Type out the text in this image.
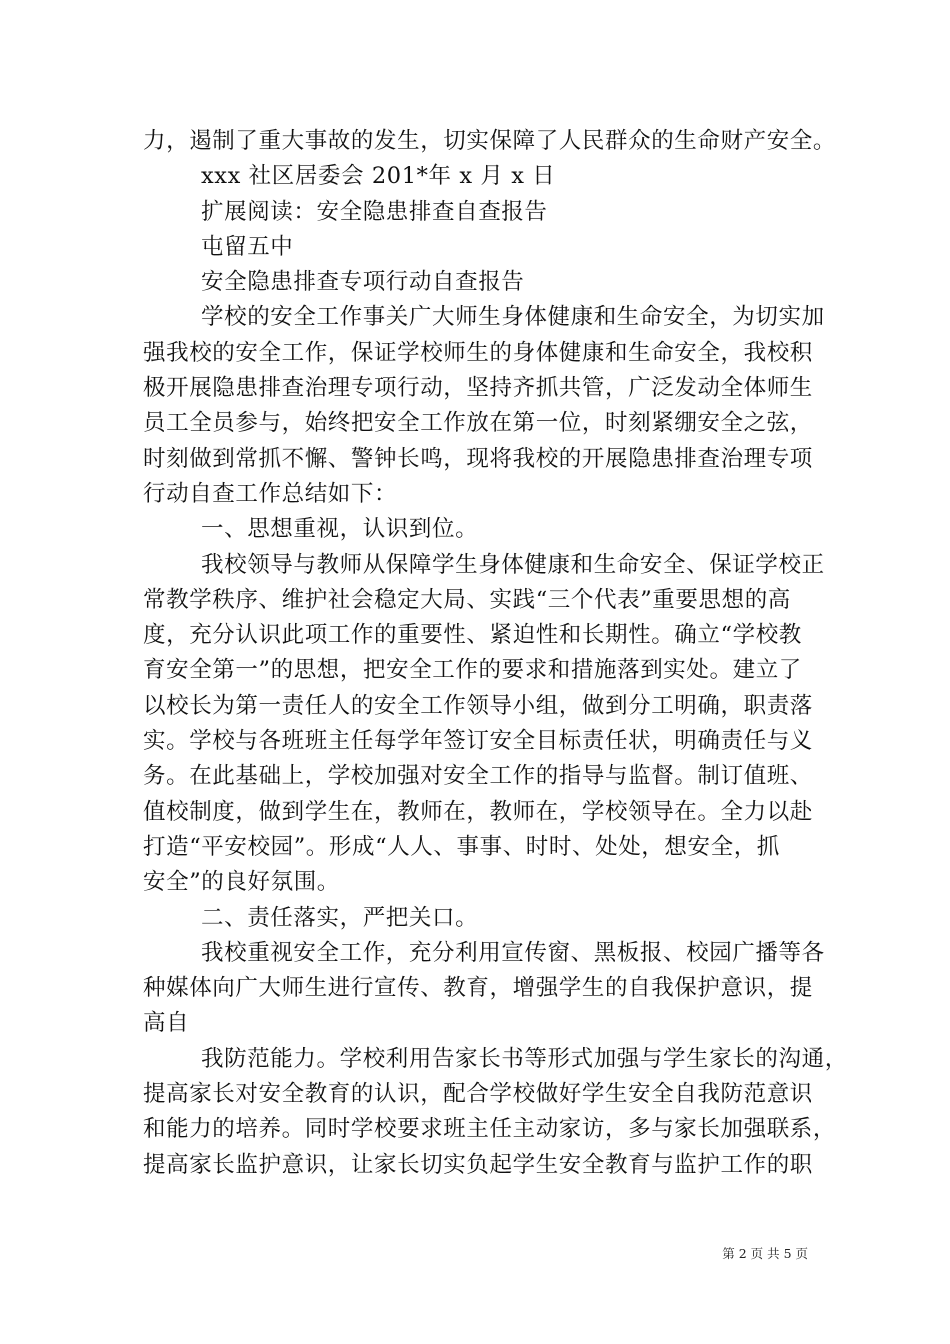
力，遏制了重大事故的发生，切实保障了人民群众的生命财产安全。
xxx 社区居委会 201*年 x 月 x 日
扩展阅读：安全隐患排查自查报告
屯留五中
安全隐患排查专项行动自查报告
学校的安全工作事关广大师生身体健康和生命安全，为切实加
强我校的安全工作，保证学校师生的身体健康和生命安全，我校积
极开展隐患排查治理专项行动，坚持齐抓共管，广泛发动全体师生
员工全员参与，始终把安全工作放在第一位，时刻紧绷安全之弦，
时刻做到常抓不懈、警钟长鸣，现将我校的开展隐患排查治理专项
行动自查工作总结如下：
一、思想重视，认识到位。
我校领导与教师从保障学生身体健康和生命安全、保证学校正
常教学秩序、维护社会稳定大局、实践“三个代表”重要思想的高
度，充分认识此项工作的重要性、紧迫性和长期性。确立“学校教
育安全第一”的思想，把安全工作的要求和措施落到实处。建立了
以校长为第一责任人的安全工作领导小组，做到分工明确，职责落
实。学校与各班班主任每学年签订安全目标责任状，明确责任与义
务。在此基础上，学校加强对安全工作的指导与监督。制订值班、
值校制度，做到学生在，教师在，教师在，学校领导在。全力以赴
打造“平安校园”。形成“人人、事事、时时、处处，想安全，抓
安全”的良好氛围。
二、责任落实，严把关口。
我校重视安全工作，充分利用宣传窗、黑板报、校园广播等各
种媒体向广大师生进行宣传、教育，增强学生的自我保护意识，提
高自
我防范能力。学校利用告家长书等形式加强与学生家长的沟通，
提高家长对安全教育的认识，配合学校做好学生安全自我防范意识
和能力的培养。同时学校要求班主任主动家访，多与家长加强联系，
提高家长监护意识，让家长切实负起学生安全教育与监护工作的职
第 2 页 共 5 页
